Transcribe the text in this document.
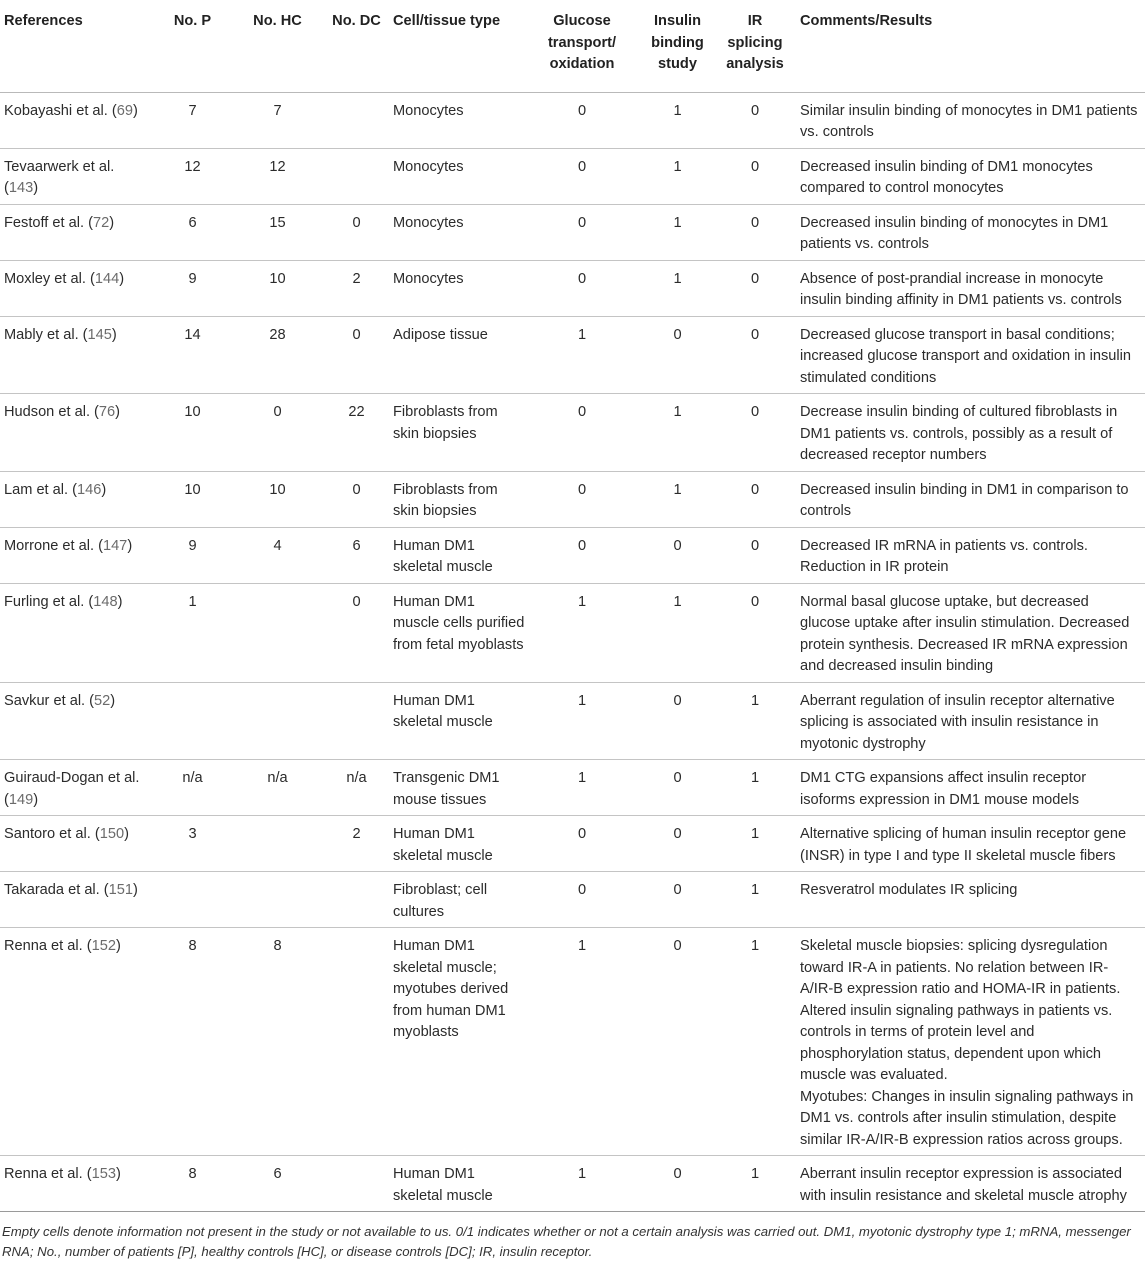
References	No. P	No. HC	No. DC	Cell/tissue type	Glucose
transport/
oxidation	Insulin
binding
study	IR
splicing
analysis	Comments/Results
Kobayashi et al. (69)	7	7		Monocytes	0	1	0	Similar insulin binding of monocytes in DM1 patients vs. controls

Tevaarwerk et al. (143)	12	12		Monocytes	0	1	0	Decreased insulin binding of DM1 monocytes compared to control monocytes

Festoff et al. (72)	6	15	0	Monocytes	0	1	0	Decreased insulin binding of monocytes in DM1 patients vs. controls

Moxley et al. (144)	9	10	2	Monocytes	0	1	0	Absence of post-prandial increase in monocyte insulin binding affinity in DM1 patients vs. controls

Mably et al. (145)	14	28	0	Adipose tissue	1	0	0	Decreased glucose transport in basal conditions; increased glucose transport and oxidation in insulin stimulated conditions

Hudson et al. (76)	10	0	22	Fibroblasts from skin biopsies	0	1	0	Decrease insulin binding of cultured fibroblasts in DM1 patients vs. controls, possibly as a result of decreased receptor numbers

Lam et al. (146)	10	10	0	Fibroblasts from skin biopsies	0	1	0	Decreased insulin binding in DM1 in comparison to controls

Morrone et al. (147)	9	4	6	Human DM1 skeletal muscle	0	0	0	Decreased IR mRNA in patients vs. controls. Reduction in IR protein

Furling et al. (148)	1		0	Human DM1 muscle cells purified from fetal myoblasts	1	1	0	Normal basal glucose uptake, but decreased glucose uptake after insulin stimulation. Decreased protein synthesis. Decreased IR mRNA expression and decreased insulin binding

Savkur et al. (52)				Human DM1 skeletal muscle	1	0	1	Aberrant regulation of insulin receptor alternative splicing is associated with insulin resistance in myotonic dystrophy

Guiraud-Dogan et al. (149)	n/a	n/a	n/a	Transgenic DM1 mouse tissues	1	0	1	DM1 CTG expansions affect insulin receptor isoforms expression in DM1 mouse models

Santoro et al. (150)	3		2	Human DM1 skeletal muscle	0	0	1	Alternative splicing of human insulin receptor gene (INSR) in type I and type II skeletal muscle fibers

Takarada et al. (151)				Fibroblast; cell cultures	0	0	1	Resveratrol modulates IR splicing

Renna et al. (152)	8	8		Human DM1 skeletal muscle; myotubes derived from human DM1 myoblasts	1	0	1	Skeletal muscle biopsies: splicing dysregulation toward IR-A in patients. No relation between IR-A/IR-B expression ratio and HOMA-IR in patients. Altered insulin signaling pathways in patients vs. controls in terms of protein level and phosphorylation status, dependent upon which muscle was evaluated.
Myotubes: Changes in insulin signaling pathways in DM1 vs. controls after insulin stimulation, despite similar IR-A/IR-B expression ratios across groups.

Renna et al. (153)	8	6		Human DM1 skeletal muscle	1	0	1	Aberrant insulin receptor expression is associated with insulin resistance and skeletal muscle atrophy
Empty cells denote information not present in the study or not available to us. 0/1 indicates whether or not a certain analysis was carried out. DM1, myotonic dystrophy type 1; mRNA, messenger RNA; No., number of patients [P], healthy controls [HC], or disease controls [DC]; IR, insulin receptor.
